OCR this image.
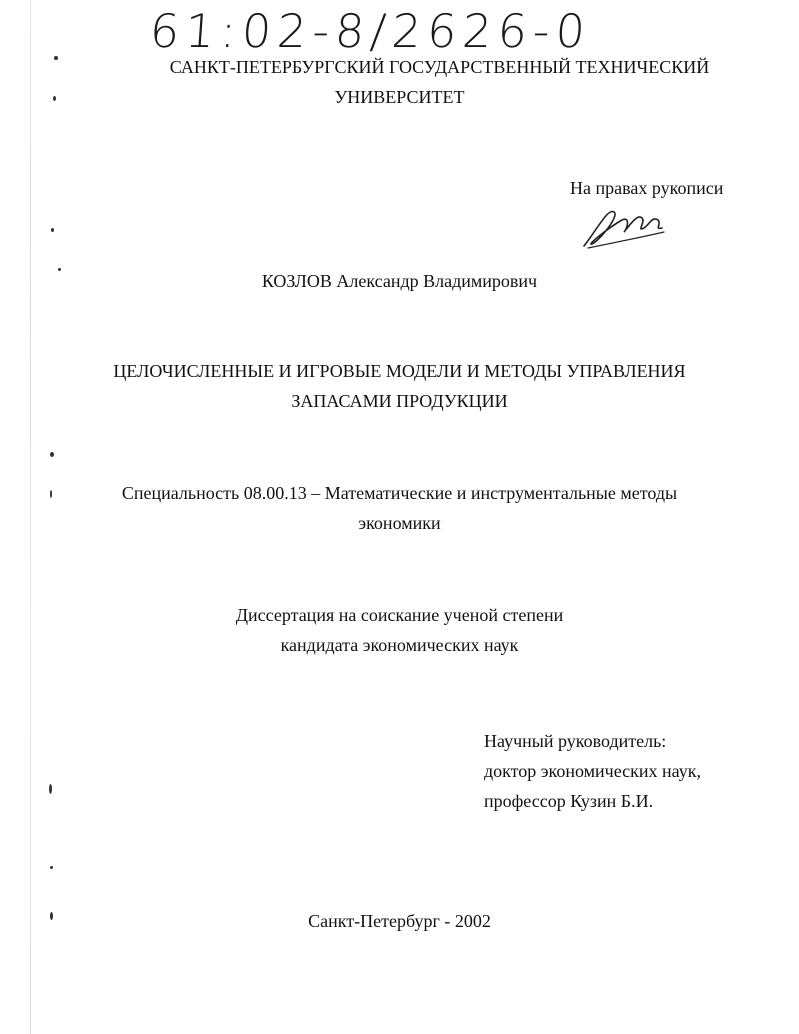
61:02-8/2626-0
САНКТ-ПЕТЕРБУРГСКИЙ ГОСУДАРСТВЕННЫЙ ТЕХНИЧЕСКИЙ
УНИВЕРСИТЕТ
На правах рукописи
КОЗЛОВ Александр Владимирович
ЦЕЛОЧИСЛЕННЫЕ И ИГРОВЫЕ МОДЕЛИ И МЕТОДЫ УПРАВЛЕНИЯ
ЗАПАСАМИ ПРОДУКЦИИ
Специальность 08.00.13 – Математические и инструментальные методы
экономики
Диссертация на соискание ученой степени
кандидата экономических наук
Научный руководитель:
доктор экономических наук,
профессор Кузин Б.И.
Санкт-Петербург - 2002
